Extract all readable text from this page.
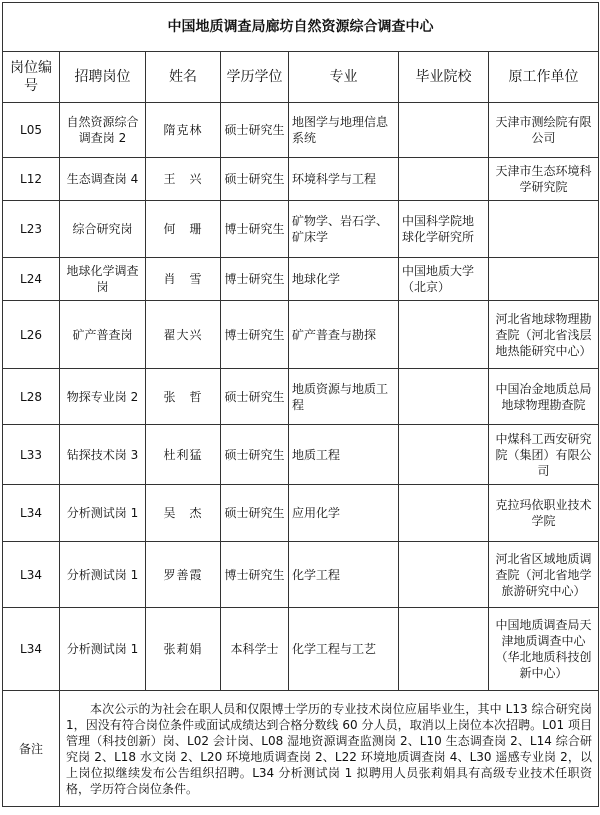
中国地质调查局廊坊自然资源综合调查中心						
岗位编号	招聘岗位	姓名	学历学位	专业	毕业院校	原工作单位
L05	自然资源综合调查岗 2	隋克林	硕士研究生	地图学与地理信息系统		天津市测绘院有限公司
L12	生态调查岗 4	王　兴	硕士研究生	环境科学与工程		天津市生态环境科学研究院
L23	综合研究岗	何　珊	博士研究生	矿物学、岩石学、矿床学	中国科学院地球化学研究所	
L24	地球化学调查岗	肖　雪	博士研究生	地球化学	中国地质大学（北京）	
L26	矿产普查岗	翟大兴	博士研究生	矿产普查与勘探		河北省地球物理勘查院（河北省浅层地热能研究中心）
L28	物探专业岗 2	张　哲	硕士研究生	地质资源与地质工程		中国冶金地质总局地球物理勘查院
L33	钻探技术岗 3	杜利猛	硕士研究生	地质工程		中煤科工西安研究院（集团）有限公司
L34	分析测试岗 1	吴　杰	硕士研究生	应用化学		克拉玛依职业技术学院
L34	分析测试岗 1	罗善霞	博士研究生	化学工程		河北省区域地质调查院（河北省地学旅游研究中心）
L34	分析测试岗 1	张莉娟	本科学士	化学工程与工艺		中国地质调查局天津地质调查中心（华北地质科技创新中心）
备注	本次公示的为社会在职人员和仅限博士学历的专业技术岗位应届毕业生，其中 L13 综合研究岗 1，因没有符合岗位条件或面试成绩达到合格分数线 60 分人员，取消以上岗位本次招聘。L01 项目管理（科技创新）岗、L02 会计岗、L08 湿地资源调查监测岗 2、L10 生态调查岗 2、L14 综合研究岗 2、L18 水文岗 2、L20 环境地质调查岗 2、L22 环境地质调查岗 4、L30 遥感专业岗 2，以上岗位拟继续发布公告组织招聘。L34 分析测试岗 1 拟聘用人员张莉娟具有高级专业技术任职资格，学历符合岗位条件。					
